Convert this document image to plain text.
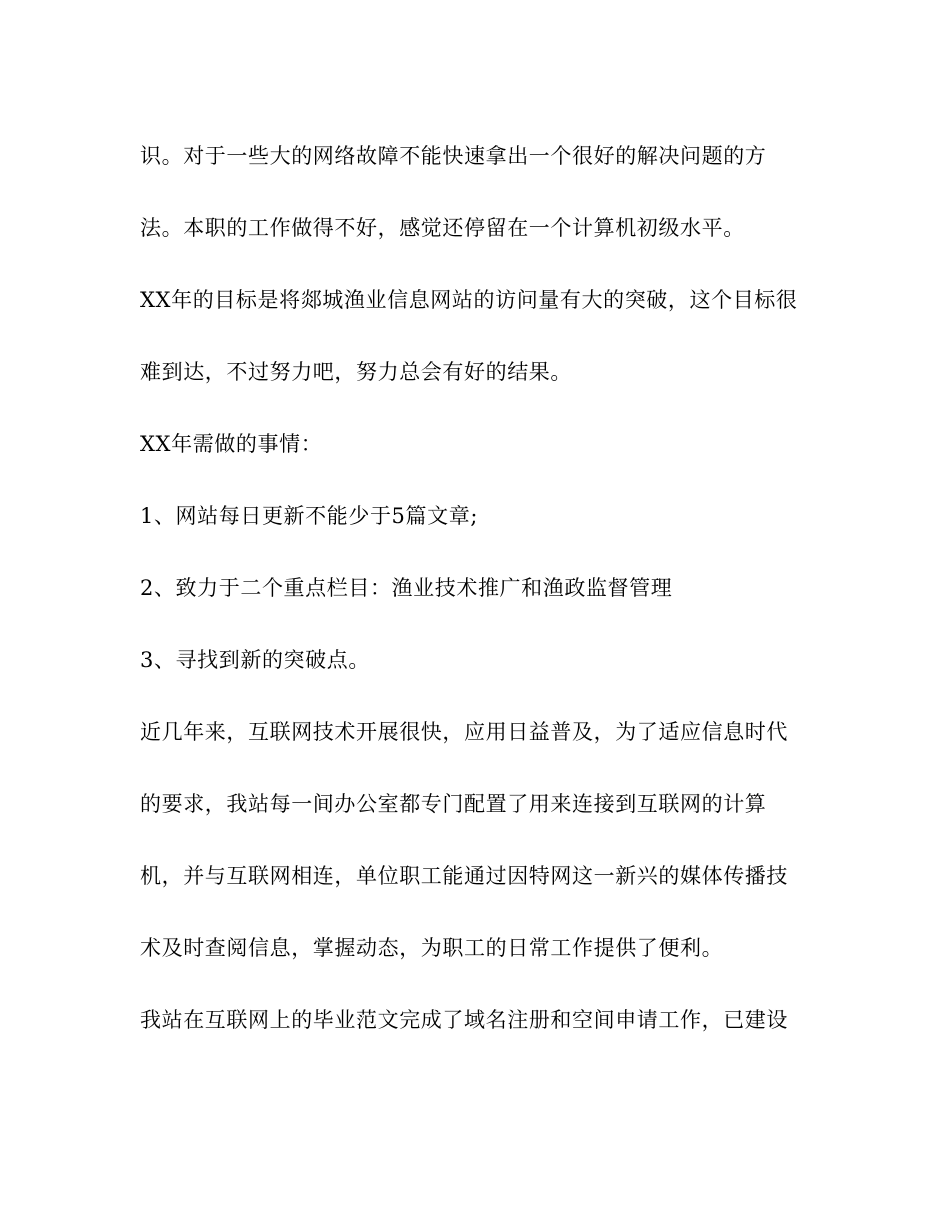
识。对于一些大的网络故障不能快速拿出一个很好的解决问题的方
法。本职的工作做得不好，感觉还停留在一个计算机初级水平。
XX年的目标是将郯城渔业信息网站的访问量有大的突破，这个目标很
难到达，不过努力吧，努力总会有好的结果。
XX年需做的事情：
1、网站每日更新不能少于5篇文章;
2、致力于二个重点栏目：渔业技术推广和渔政监督管理
3、寻找到新的突破点。
近几年来，互联网技术开展很快，应用日益普及，为了适应信息时代
的要求，我站每一间办公室都专门配置了用来连接到互联网的计算
机，并与互联网相连，单位职工能通过因特网这一新兴的媒体传播技
术及时查阅信息，掌握动态，为职工的日常工作提供了便利。
我站在互联网上的毕业范文完成了域名注册和空间申请工作，已建设
